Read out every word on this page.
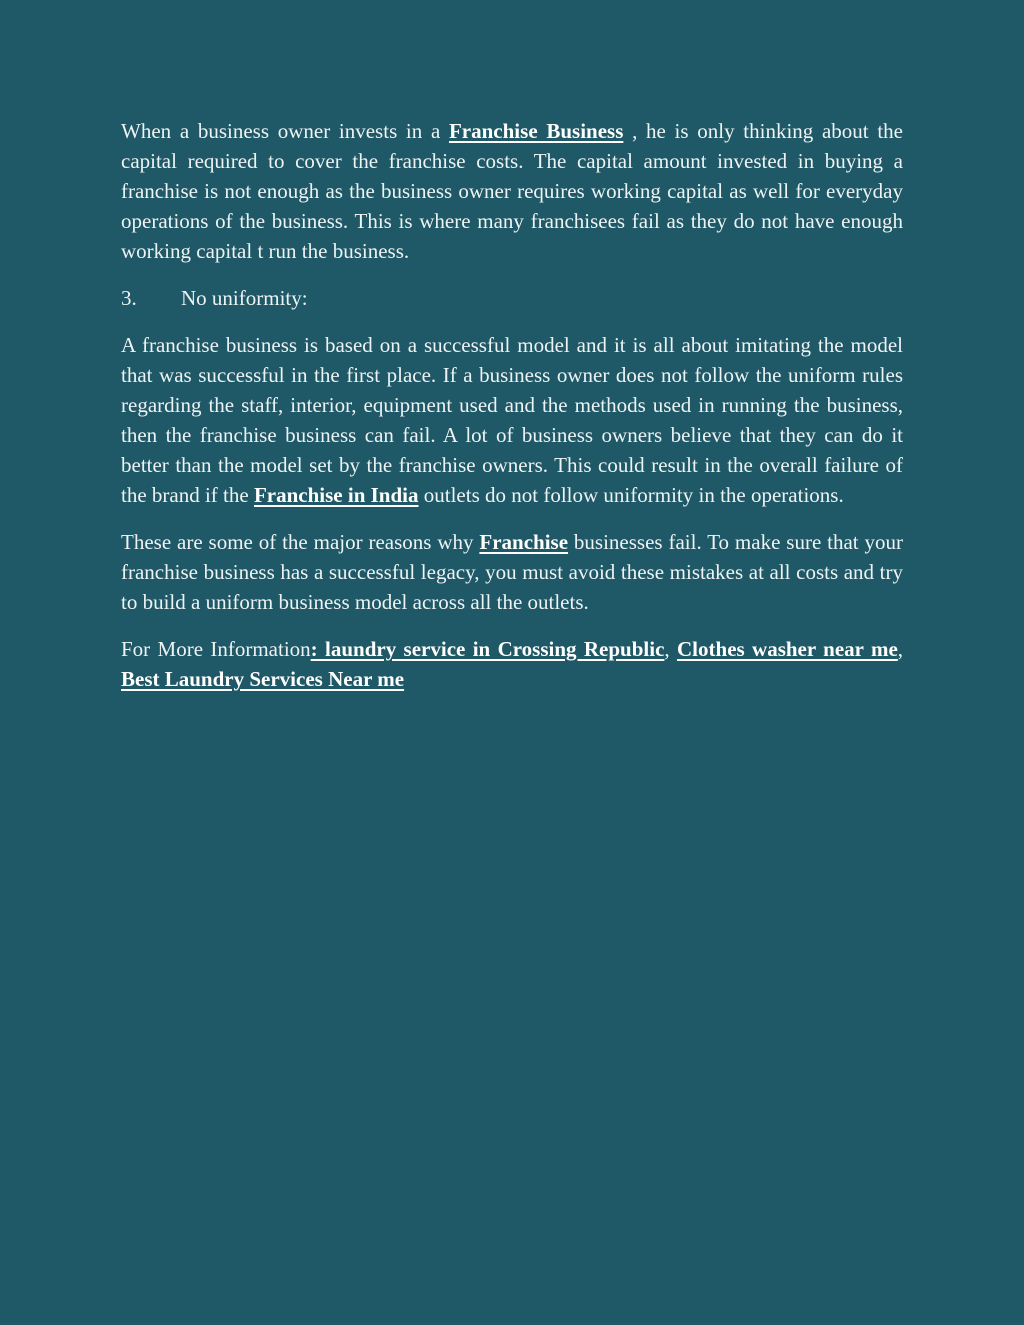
When a business owner invests in a Franchise Business , he is only thinking about the capital required to cover the franchise costs. The capital amount invested in buying a franchise is not enough as the business owner requires working capital as well for everyday operations of the business. This is where many franchisees fail as they do not have enough working capital t run the business.

3.	No uniformity:

A franchise business is based on a successful model and it is all about imitating the model that was successful in the first place. If a business owner does not follow the uniform rules regarding the staff, interior, equipment used and the methods used in running the business, then the franchise business can fail. A lot of business owners believe that they can do it better than the model set by the franchise owners. This could result in the overall failure of the brand if the Franchise in India outlets do not follow uniformity in the operations.

These are some of the major reasons why Franchise businesses fail. To make sure that your franchise business has a successful legacy, you must avoid these mistakes at all costs and try to build a uniform business model across all the outlets.

For More Information: laundry service in Crossing Republic, Clothes washer near me, Best Laundry Services Near me
